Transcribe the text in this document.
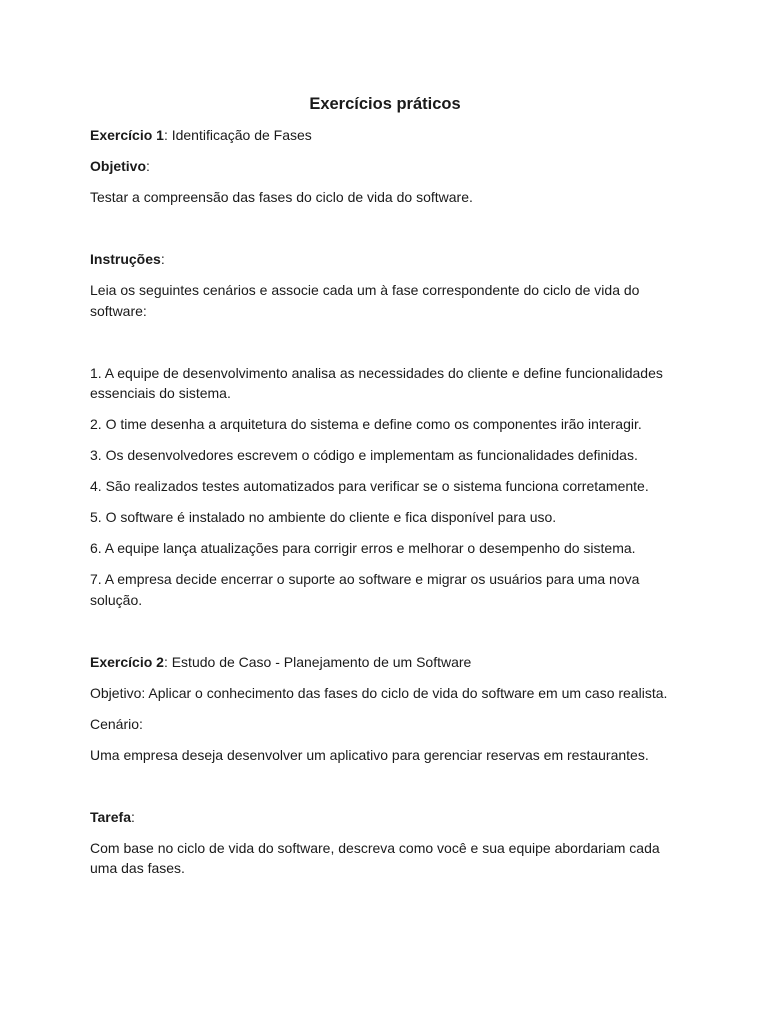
Exercícios práticos

Exercício 1: Identificação de Fases

Objetivo:

Testar a compreensão das fases do ciclo de vida do software.

Instruções:

Leia os seguintes cenários e associe cada um à fase correspondente do ciclo de vida do software:

1. A equipe de desenvolvimento analisa as necessidades do cliente e define funcionalidades essenciais do sistema.

2. O time desenha a arquitetura do sistema e define como os componentes irão interagir.

3. Os desenvolvedores escrevem o código e implementam as funcionalidades definidas.

4. São realizados testes automatizados para verificar se o sistema funciona corretamente.

5. O software é instalado no ambiente do cliente e fica disponível para uso.

6. A equipe lança atualizações para corrigir erros e melhorar o desempenho do sistema.

7. A empresa decide encerrar o suporte ao software e migrar os usuários para uma nova solução.

Exercício 2: Estudo de Caso - Planejamento de um Software

Objetivo: Aplicar o conhecimento das fases do ciclo de vida do software em um caso realista.

Cenário:

Uma empresa deseja desenvolver um aplicativo para gerenciar reservas em restaurantes.

Tarefa:

Com base no ciclo de vida do software, descreva como você e sua equipe abordariam cada uma das fases.
